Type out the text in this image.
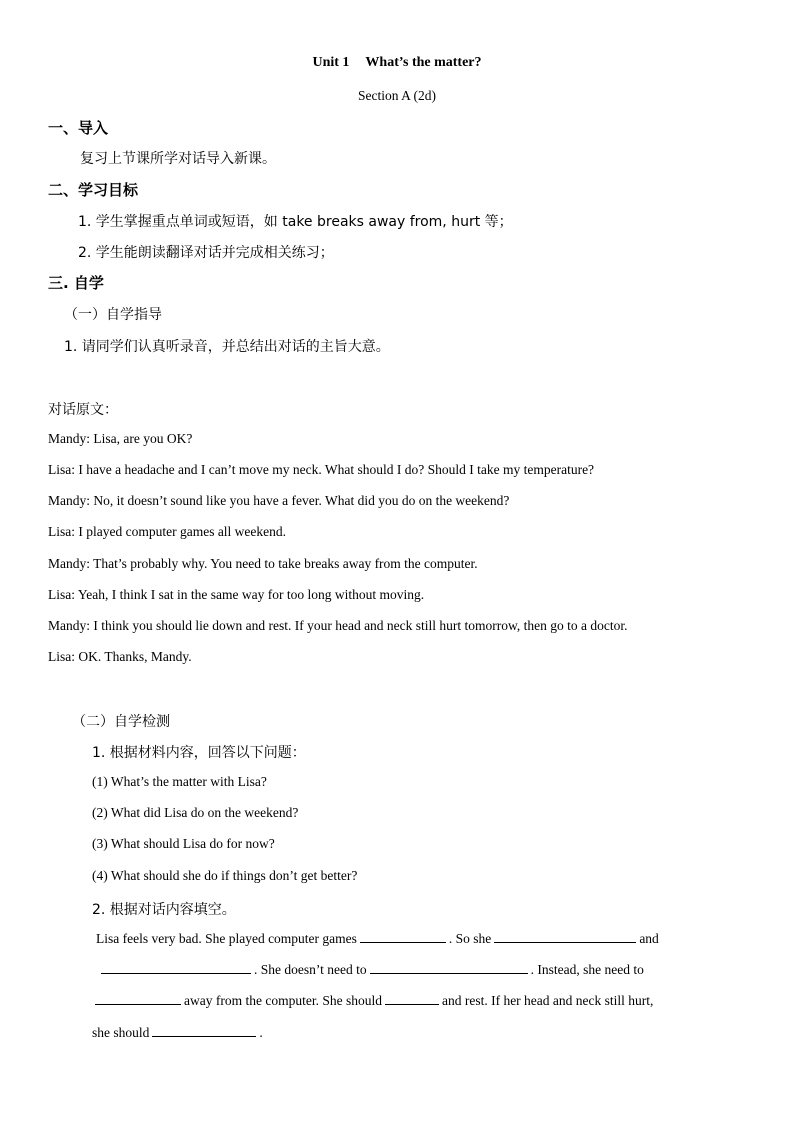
Unit 1 What’s the matter?
Section A (2d)
一、导入
复习上节课所学对话导入新课。
二、学习目标
1. 学生掌握重点单词或短语，如 take breaks away from, hurt 等；
2. 学生能朗读翻译对话并完成相关练习；
三. 自学
（一）自学指导
1. 请同学们认真听录音，并总结出对话的主旨大意。
对话原文：
Mandy: Lisa, are you OK?
Lisa: I have a headache and I can’t move my neck. What should I do? Should I take my temperature?
Mandy: No, it doesn’t sound like you have a fever. What did you do on the weekend?
Lisa: I played computer games all weekend.
Mandy: That’s probably why. You need to take breaks away from the computer.
Lisa: Yeah, I think I sat in the same way for too long without moving.
Mandy: I think you should lie down and rest. If your head and neck still hurt tomorrow, then go to a doctor.
Lisa: OK. Thanks, Mandy.
（二）自学检测
1. 根据材料内容，回答以下问题：
(1) What’s the matter with Lisa?
(2) What did Lisa do on the weekend?
(3) What should Lisa do for now?
(4) What should she do if things don’t get better?
2. 根据对话内容填空。
Lisa feels very bad. She played computer games	. So she	and
. She doesn’t need to	. Instead, she need to
away from the computer. She should	and rest. If her head and neck still hurt,
she should	.
